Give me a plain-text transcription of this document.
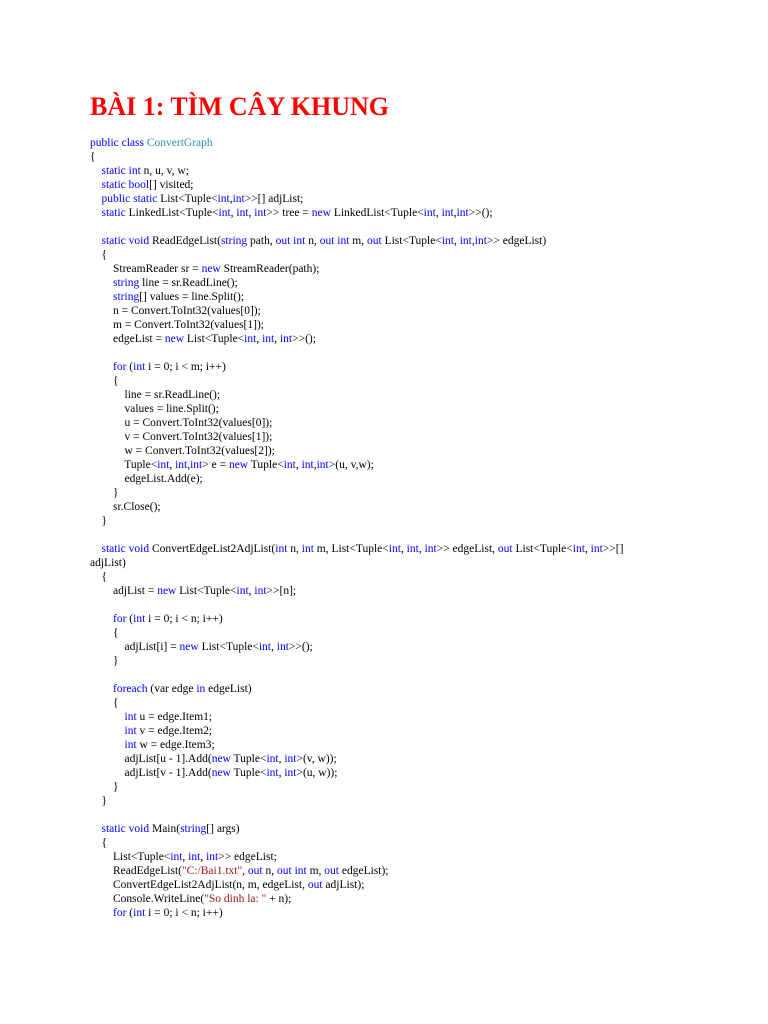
BÀI 1: TÌM CÂY KHUNG
public class ConvertGraph
{
static int n, u, v, w;
static bool[] visited;
public static List<Tuple<int,int>>[] adjList;
static LinkedList<Tuple<int, int, int>> tree = new LinkedList<Tuple<int, int,int>>();
static void ReadEdgeList(string path, out int n, out int m, out List<Tuple<int, int,int>> edgeList)
{
StreamReader sr = new StreamReader(path);
string line = sr.ReadLine();
string[] values = line.Split();
n = Convert.ToInt32(values[0]);
m = Convert.ToInt32(values[1]);
edgeList = new List<Tuple<int, int, int>>();
for (int i = 0; i < m; i++)
{
line = sr.ReadLine();
values = line.Split();
u = Convert.ToInt32(values[0]);
v = Convert.ToInt32(values[1]);
w = Convert.ToInt32(values[2]);
Tuple<int, int,int> e = new Tuple<int, int,int>(u, v,w);
edgeList.Add(e);
}
sr.Close();
}
static void ConvertEdgeList2AdjList(int n, int m, List<Tuple<int, int, int>> edgeList, out List<Tuple<int, int>>[]
adjList)
{
adjList = new List<Tuple<int, int>>[n];
for (int i = 0; i < n; i++)
{
adjList[i] = new List<Tuple<int, int>>();
}
foreach (var edge in edgeList)
{
int u = edge.Item1;
int v = edge.Item2;
int w = edge.Item3;
adjList[u - 1].Add(new Tuple<int, int>(v, w));
adjList[v - 1].Add(new Tuple<int, int>(u, w));
}
}
static void Main(string[] args)
{
List<Tuple<int, int, int>> edgeList;
ReadEdgeList("C:/Bai1.txt", out n, out int m, out edgeList);
ConvertEdgeList2AdjList(n, m, edgeList, out adjList);
Console.WriteLine("So dinh la: " + n);
for (int i = 0; i < n; i++)
